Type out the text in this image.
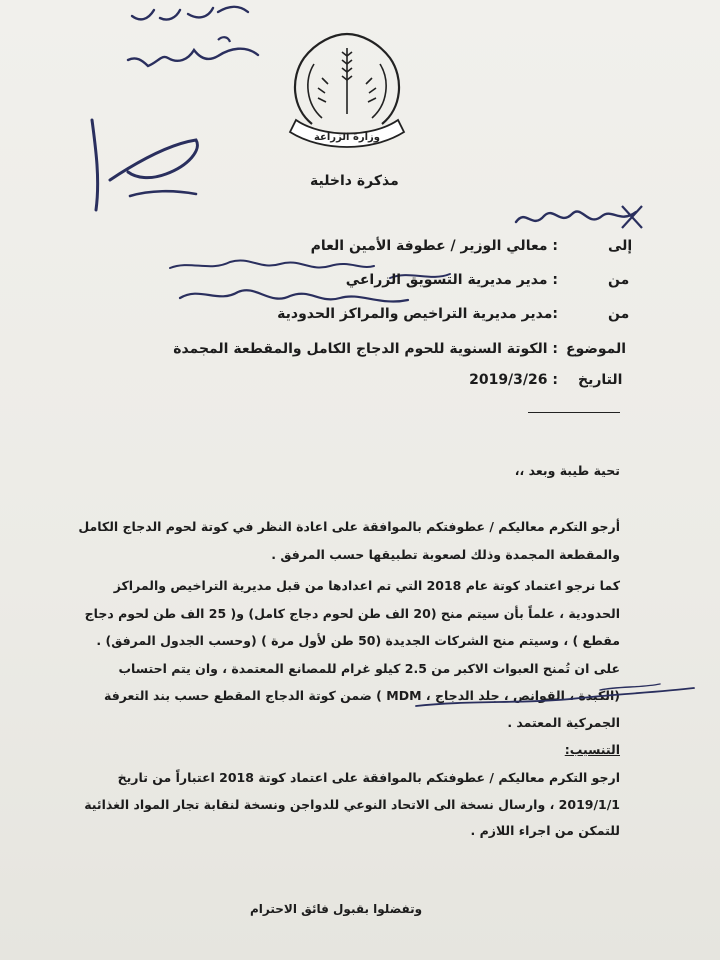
وزارة الزراعة
مذكرة داخلية
إلى
: معالي الوزير / عطوفة الأمين العام
من
: مدير مديرية التسويق الزراعي
من
:مدير مديرية التراخيص والمراكز الحدودية
الموضوع
: الكوتة السنوية للحوم الدجاج الكامل والمقطعة المجمدة
التاريخ
: 2019/3/26
تحية طيبة وبعد ،،
أرجو التكرم معاليكم / عطوفتكم بالموافقة على اعادة النظر في كوتة لحوم الدجاج الكامل
والمقطعة المجمدة وذلك لصعوبة تطبيقها حسب المرفق .
كما نرجو اعتماد كوتة عام 2018 التي تم اعدادها من قبل مديرية التراخيص والمراكز
الحدودية ، علماً بأن سيتم منح (20 الف طن لحوم دجاج كامل) و( 25 الف طن لحوم دجاج
مقطع ) ، وسيتم منح الشركات الجديدة (50 طن لأول مرة ) (وحسب الجدول المرفق) .
على ان تُمنح العبوات الاكبر من 2.5 كيلو غرام للمصانع المعتمدة ، وان يتم احتساب
(الكبدة ، القوانص ، جلد الدجاج ، MDM ) ضمن كوتة الدجاج المقطع حسب بند التعرفة
الجمركية المعتمد .
التنسيب:
ارجو التكرم معاليكم / عطوفتكم بالموافقة على اعتماد كوتة 2018 اعتباراً من تاريخ
2019/1/1 ، وارسال نسخة الى الاتحاد النوعي للدواجن ونسخة لنقابة تجار المواد الغذائية
للتمكن من اجراء اللازم .
وتفضلوا بقبول فائق الاحترام
